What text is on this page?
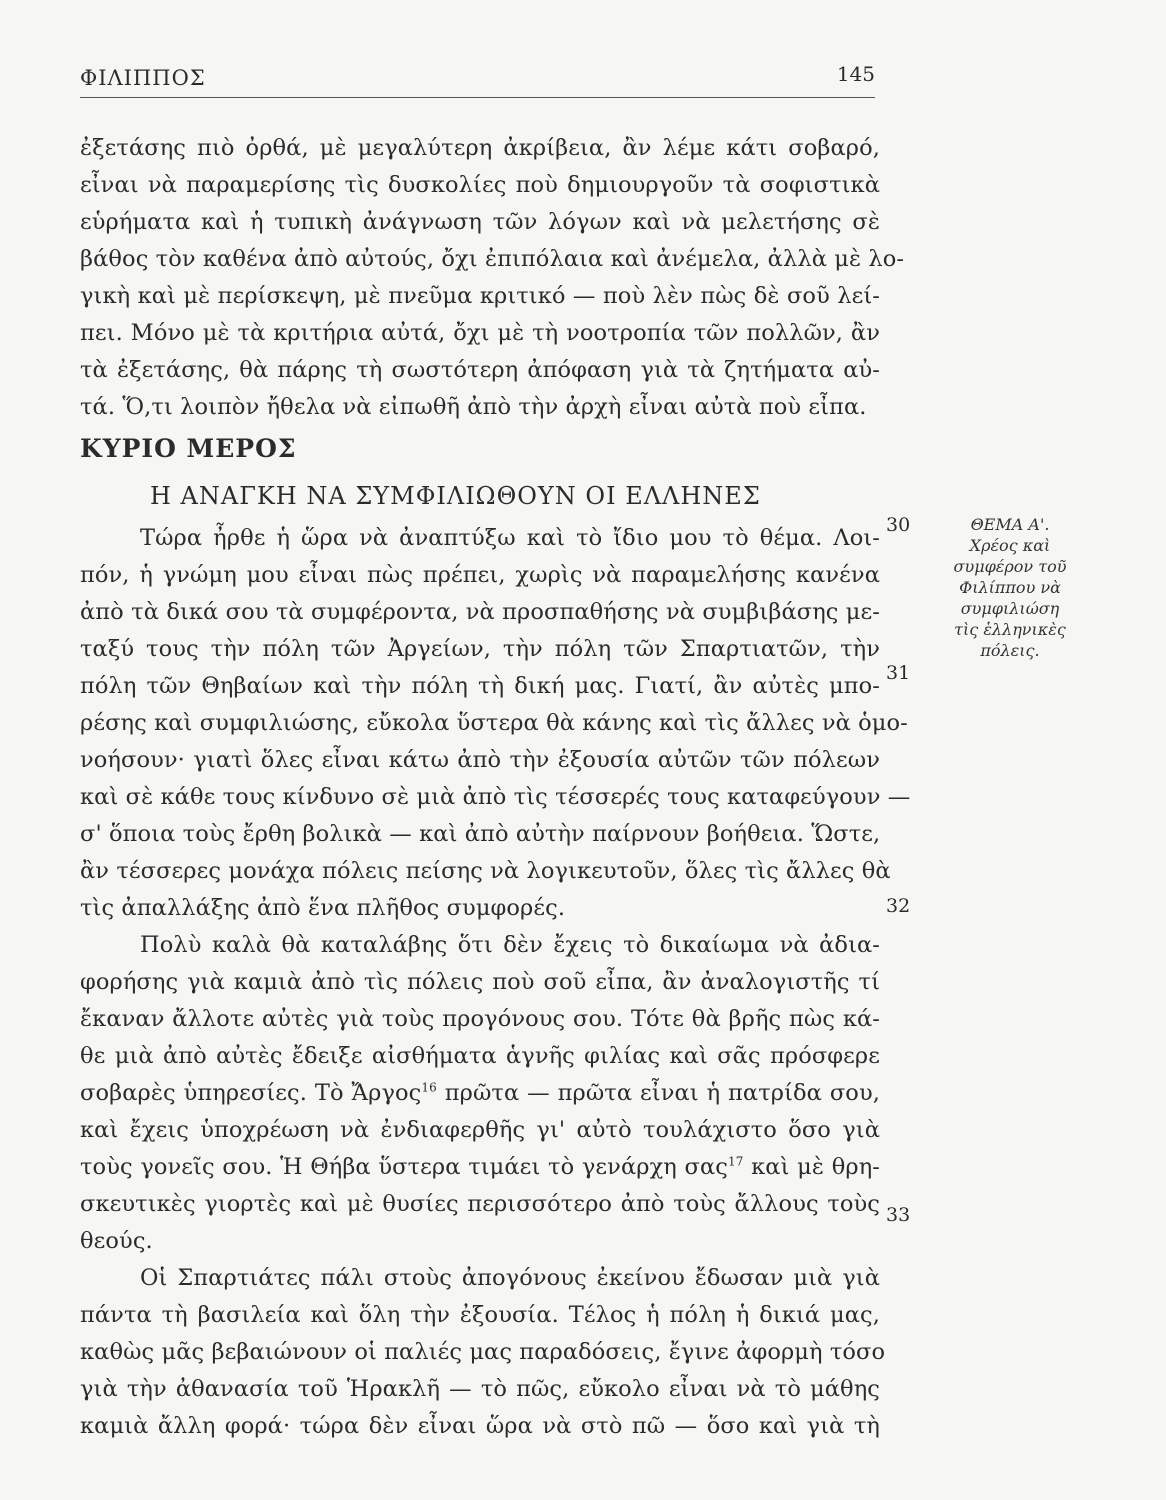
ΦΙΛΙΠΠΟΣ	145
ἐξετάσης πιὸ ὀρθά, μὲ μεγαλύτερη ἀκρίβεια, ἂν λέμε κάτι σοβαρό,
εἶναι νὰ παραμερίσης τὶς δυσκολίες ποὺ δημιουργοῦν τὰ σοφιστικὰ
εὑρήματα καὶ ἡ τυπικὴ ἀνάγνωση τῶν λόγων καὶ νὰ μελετήσης σὲ
βάθος τὸν καθένα ἀπὸ αὐτούς, ὄχι ἐπιπόλαια καὶ ἀνέμελα, ἀλλὰ μὲ λο-
γικὴ καὶ μὲ περίσκεψη, μὲ πνεῦμα κριτικό — ποὺ λὲν πὼς δὲ σοῦ λεί-
πει. Μόνο μὲ τὰ κριτήρια αὐτά, ὄχι μὲ τὴ νοοτροπία τῶν πολλῶν, ἂν
τὰ ἐξετάσης, θὰ πάρης τὴ σωστότερη ἀπόφαση γιὰ τὰ ζητήματα αὐ-
τά. Ὅ,τι λοιπὸν ἤθελα νὰ εἰπωθῆ ἀπὸ τὴν ἀρχὴ εἶναι αὐτὰ ποὺ εἶπα.
ΚΥΡΙΟ ΜΕΡΟΣ
Η ΑΝΑΓΚΗ ΝΑ ΣΥΜΦΙΛΙΩΘΟΥΝ ΟΙ ΕΛΛΗΝΕΣ
Τώρα ἦρθε ἡ ὥρα νὰ ἀναπτύξω καὶ τὸ ἴδιο μου τὸ θέμα. Λοι-
πόν, ἡ γνώμη μου εἶναι πὼς πρέπει, χωρὶς νὰ παραμελήσης κανένα
ἀπὸ τὰ δικά σου τὰ συμφέροντα, νὰ προσπαθήσης νὰ συμβιβάσης με-
ταξύ τους τὴν πόλη τῶν Ἀργείων, τὴν πόλη τῶν Σπαρτιατῶν, τὴν
πόλη τῶν Θηβαίων καὶ τὴν πόλη τὴ δική μας. Γιατί, ἂν αὐτὲς μπο-
ρέσης καὶ συμφιλιώσης, εὔκολα ὕστερα θὰ κάνης καὶ τὶς ἄλλες νὰ ὁμο-
νοήσουν· γιατὶ ὅλες εἶναι κάτω ἀπὸ τὴν ἐξουσία αὐτῶν τῶν πόλεων
καὶ σὲ κάθε τους κίνδυνο σὲ μιὰ ἀπὸ τὶς τέσσερές τους καταφεύγουν —
σ' ὅποια τοὺς ἔρθη βολικὰ — καὶ ἀπὸ αὐτὴν παίρνουν βοήθεια. Ὥστε,
ἂν τέσσερες μονάχα πόλεις πείσης νὰ λογικευτοῦν, ὅλες τὶς ἄλλες θὰ
τὶς ἀπαλλάξης ἀπὸ ἕνα πλῆθος συμφορές.
Πολὺ καλὰ θὰ καταλάβης ὅτι δὲν ἔχεις τὸ δικαίωμα νὰ ἀδια-
φορήσης γιὰ καμιὰ ἀπὸ τὶς πόλεις ποὺ σοῦ εἶπα, ἂν ἀναλογιστῆς τί
ἔκαναν ἄλλοτε αὐτὲς γιὰ τοὺς προγόνους σου. Τότε θὰ βρῆς πὼς κά-
θε μιὰ ἀπὸ αὐτὲς ἔδειξε αἰσθήματα ἁγνῆς φιλίας καὶ σᾶς πρόσφερε
σοβαρὲς ὑπηρεσίες. Τὸ Ἄργος$^{16}$ πρῶτα — πρῶτα εἶναι ἡ πατρίδα σου,
καὶ ἔχεις ὑποχρέωση νὰ ἐνδιαφερθῆς γι' αὐτὸ τουλάχιστο ὅσο γιὰ
τοὺς γονεῖς σου. Ἡ Θήβα ὕστερα τιμάει τὸ γενάρχη σας$^{17}$ καὶ μὲ θρη-
σκευτικὲς γιορτὲς καὶ μὲ θυσίες περισσότερο ἀπὸ τοὺς ἄλλους τοὺς
θεούς.
Οἱ Σπαρτιάτες πάλι στοὺς ἀπογόνους ἐκείνου ἔδωσαν μιὰ γιὰ
πάντα τὴ βασιλεία καὶ ὅλη τὴν ἐξουσία. Τέλος ἡ πόλη ἡ δικιά μας,
καθὼς μᾶς βεβαιώνουν οἱ παλιές μας παραδόσεις, ἔγινε ἀφορμὴ τόσο
γιὰ τὴν ἀθανασία τοῦ Ἡρακλῆ — τὸ πῶς, εὔκολο εἶναι νὰ τὸ μάθης
καμιὰ ἄλλη φορά· τώρα δὲν εἶναι ὥρα νὰ στὸ πῶ — ὅσο καὶ γιὰ τὴ
30
31
32
33
ΘΕΜΑ Α'.
Χρέος καὶ
συμφέρον τοῦ
Φιλίππου νὰ
συμφιλιώση
τὶς ἑλληνικὲς
πόλεις.
